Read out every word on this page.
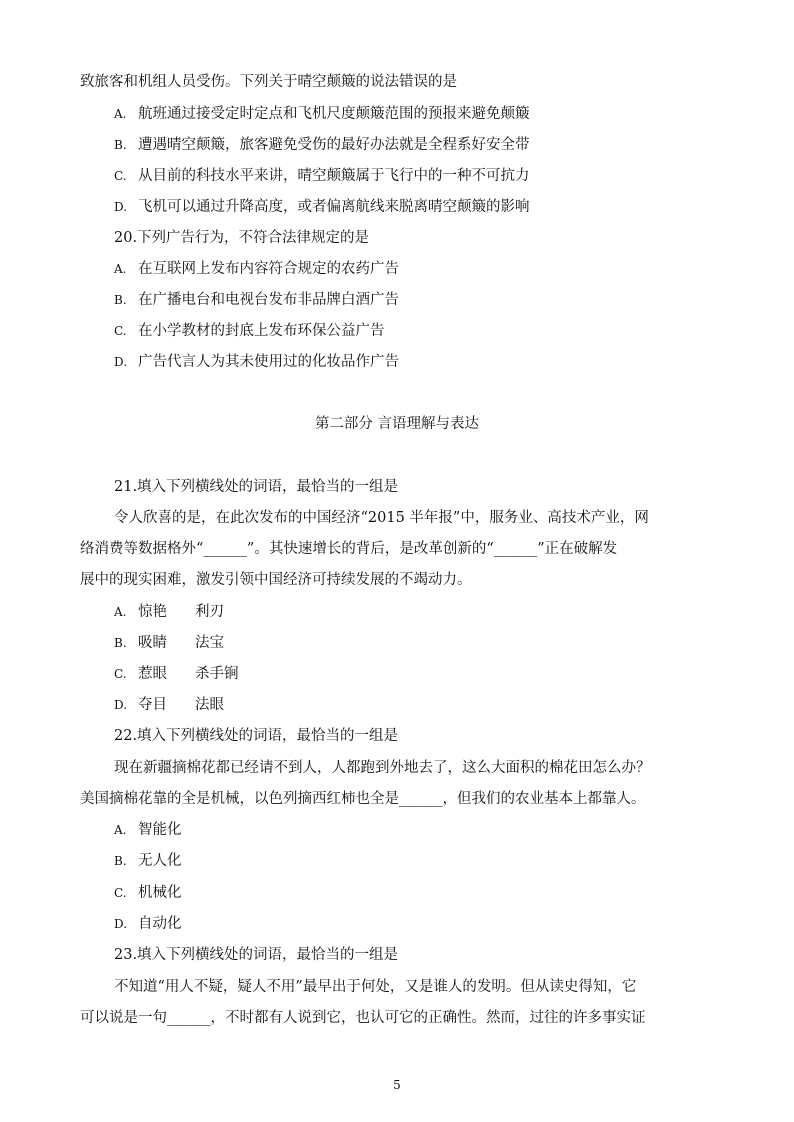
致旅客和机组人员受伤。下列关于晴空颠簸的说法错误的是
A. 航班通过接受定时定点和飞机尺度颠簸范围的预报来避免颠簸
B. 遭遇晴空颠簸，旅客避免受伤的最好办法就是全程系好安全带
C. 从目前的科技水平来讲，晴空颠簸属于飞行中的一种不可抗力
D. 飞机可以通过升降高度，或者偏离航线来脱离晴空颠簸的影响
20.下列广告行为，不符合法律规定的是
A. 在互联网上发布内容符合规定的农药广告
B. 在广播电台和电视台发布非品牌白酒广告
C. 在小学教材的封底上发布环保公益广告
D. 广告代言人为其未使用过的化妆品作广告
第二部分 言语理解与表达
21.填入下列横线处的词语，最恰当的一组是
令人欣喜的是，在此次发布的中国经济“2015 半年报”中，服务业、高技术产业，网
络消费等数据格外“______”。其快速增长的背后，是改革创新的“______”正在破解发
展中的现实困难，激发引领中国经济可持续发展的不竭动力。
A. 惊艳 利刃
B. 吸睛 法宝
C. 惹眼 杀手锏
D. 夺目 法眼
22.填入下列横线处的词语，最恰当的一组是
现在新疆摘棉花都已经请不到人，人都跑到外地去了，这么大面积的棉花田怎么办？
美国摘棉花靠的全是机械，以色列摘西红柿也全是______，但我们的农业基本上都靠人。
A. 智能化
B. 无人化
C. 机械化
D. 自动化
23.填入下列横线处的词语，最恰当的一组是
不知道“用人不疑，疑人不用”最早出于何处，又是谁人的发明。但从读史得知，它
可以说是一句______，不时都有人说到它，也认可它的正确性。然而，过往的许多事实证
5
